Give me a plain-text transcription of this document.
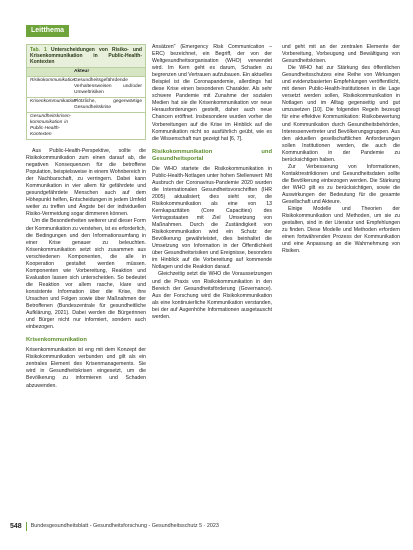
Leitthema
Tab. 1 Unterscheidungen von Risiko- und Krisenkommunikation in Public-Health-Kontexten
Akteur
Risikokommunikation
Gesundheitsgefährdende Verhaltensweisen und/oder Umweltrisiken
Krisenkommunikation
Plötzliche, gegenwärtige Gesundheitskrise
Gesundheitskrisen-kommunikation in Public-Health-Kontexten

Aus Public-Health-Perspektive, sollte die Risikokommunikation zum einen darauf ab, die negativen Konsequenzen für die betroffene Population, beispielsweise in einem Wohnbereich in der Nachbarschaft, zu verringern. Dabei kann Kommunikation in vier allem für gefährdete und gesundgefährdete Menschen auch auf dem Höhepunkt helfen, Entscheidungen in jedem Umfeld weiter zu treffen und Ängste bei der individuellen Risiko-Vermeidung sogar dimmeren können.

Um die Besonderheiten weiterer und dieser Form der Kommunikation zu verstehen, ist es erforderlich, die Bedingungen und den Informationsumfang in einer Krise genauer zu beleuchten. Krisenkommunikation setzt sich zusammen aus verschiedenen Komponenten, die alle in Kooperation gestaltet werden müssen. Komponenten wie Vorbereitung, Reaktion und Evaluation lassen sich unterscheiden. So bedeutet die Reaktion vor allem rasche, klare und konsistente Information über die Krise, ihre Ursachen und Folgen sowie über Maßnahmen der Betroffenen (Bundeszentrale für gesundheitliche Aufklärung, 2021). Dabei werden die Bürgerinnen und Bürger nicht nur informiert, sondern auch einbezogen.

Krisenkommunikation

Krisenkommunikation ist eng mit dem Konzept der Risikokommunikation verbunden und gilt als ein zentrales Element des Krisenmanagements. Sie wird in Gesundheitskrisen eingesetzt, um die Bevölkerung zu informieren und Schaden abzuwenden.

Ansätzen" (Emergency Risk Communication – ERC) bezeichnet, ein Begriff, der von der Weltgesundheitsorganisation (WHO) verwendet wird. Im Kern geht es darum, Schaden zu begrenzen und Vertrauen aufzubauen. Ein aktuelles Beispiel ist die Coronapandemie, allerdings hat diese Krise einen besonderen Charakter. Als sehr schwere Pandemie mit Zunahme der sozialen Medien hat sie die Krisenkommunikation vor neue Herausforderungen gestellt, daher auch neue Chancen eröffnet. Insbesondere wurden vorher die Vorbereitungen auf die Krise im Hinblick auf die Kommunikation nicht so ausführlich geübt, wie es die Wissenschaft nun gezeigt hat [6, 7].

Risikokommunikation und Gesundheitsportal

Die WHO startete die Risikokommunikation in Public-Health-Notlagen unter hohen Stellenwert: Mit Ausbruch der Coronavirus-Pandemie 2020 wurden die Internationalen Gesundheitsvorschriften (IHR 2005) aktualisiert; dies sieht vor, die Risikokommunikation als eine von 13 Kernkapazitäten (Core Capacities) des Vertragsstaaten mit Ziel Umsetzung von Maßnahmen. Durch die Zuständigkeit von Risikokommunikation wird ein Schutz der Bevölkerung gewährleistet, dies beinhaltet die Umsetzung von Information in der Öffentlichkeit über Gesundheitsrisiken und Ereignisse, besonders im Hinblick auf die Vorbereitung auf kommende Notlagen und die Reaktion darauf.

Gleichzeitig setzt die WHO die Voraussetzungen und die Praxis von Risikokommunikation in den Bereich der Gesundheitsförderung (Governance). Aus der Forschung wird die Risikokommunikation als eine kontinuierliche Kommunikation verstanden, bei der auf Augenhöhe Informationen ausgetauscht werden.

und geht mit an der zentralen Elemente der Vorbereitung, Vorbeugung und Bewältigung von Gesundheitskrisen.

Die WHO hat zur Stärkung des öffentlichen Gesundheitsschutzes eine Reihe von Wirkungen und evidenzbasierten Empfehlungen veröffentlicht, mit denen Public-Health-Institutionen in die Lage versetzt werden sollen, Risikokommunikation in Notlagen und im Alltag gegenseitig und gut umzusetzen [10]. Die folgenden Regeln bezeugt für eine effektive Kommunikation: Risikobewertung und Kommunikation durch Gesundheitsbehörden, Interessenvertreter und Bevölkerungsgruppen. Aus den aktuellen gesellschaftlichen Anforderungen sollen Institutionen werden, die auch die Kommunikation in der Pandemie zu berücksichtigen haben.

Zur Verbesserung von Informationen, Kontaktrestriktionen und Gesundheitsdaten sollte die Bevölkerung einbezogen werden. Die Stärkung der WHO gilt es zu berücksichtigen, sowie die Auswirkungen der Bedeutung für die gesamte Gesellschaft und Akteure.

Einige Modelle und Theorien der Risikokommunikation und Methoden, um sie zu gestalten, sind in der Literatur und Empfehlungen zu finden. Diese Modelle und Methoden erfordern einen fortwährenden Prozess der Kommunikation und eine Anpassung an die Wahrnehmung von Risiken.

548 Bundesgesundheitsblatt - Gesundheitsforschung - Gesundheitsschutz 5 · 2023
